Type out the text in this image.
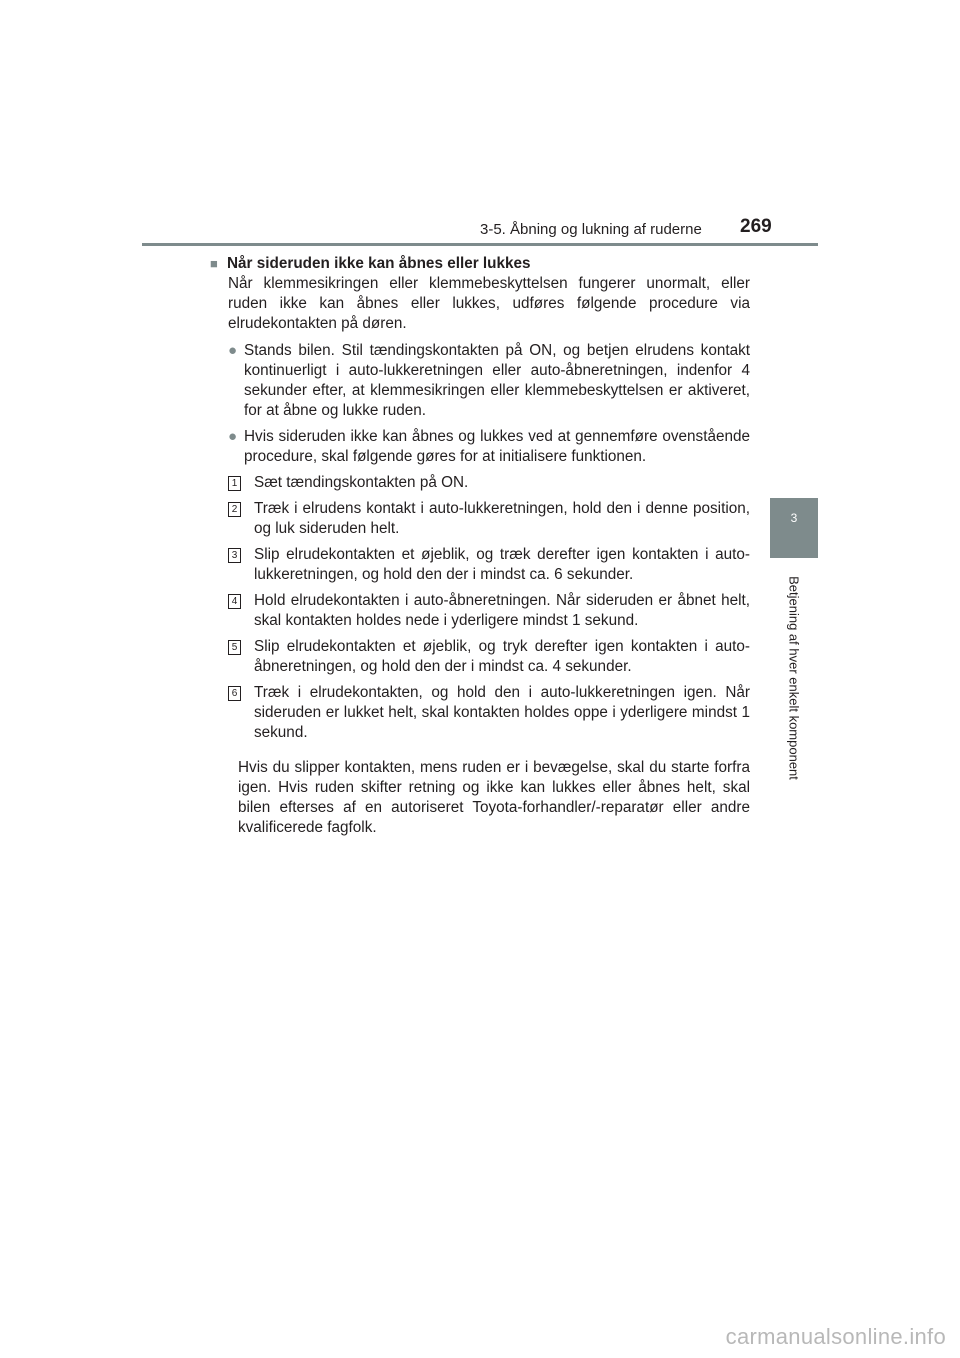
3-5. Åbning og lukning af ruderne 269
3
Betjening af hver enkelt komponent
■ Når sideruden ikke kan åbnes eller lukkes

Når klemmesikringen eller klemmebeskyttelsen fungerer unormalt, eller ruden ikke kan åbnes eller lukkes, udføres følgende procedure via elrudekontakten på døren.

● Stands bilen. Stil tændingskontakten på ON, og betjen elrudens kontakt kontinuerligt i auto-lukkeretningen eller auto-åbneretningen, indenfor 4 sekunder efter, at klemmesikringen eller klemmebeskyttelsen er aktiveret, for at åbne og lukke ruden.
● Hvis sideruden ikke kan åbnes og lukkes ved at gennemføre ovenstående procedure, skal følgende gøres for at initialisere funktionen.
1 Sæt tændingskontakten på ON.
2 Træk i elrudens kontakt i auto-lukkeretningen, hold den i denne position, og luk sideruden helt.
3 Slip elrudekontakten et øjeblik, og træk derefter igen kontakten i auto-lukkeretningen, og hold den der i mindst ca. 6 sekunder.
4 Hold elrudekontakten i auto-åbneretningen. Når sideruden er åbnet helt, skal kontakten holdes nede i yderligere mindst 1 sekund.
5 Slip elrudekontakten et øjeblik, og tryk derefter igen kontakten i auto-åbneretningen, og hold den der i mindst ca. 4 sekunder.
6 Træk i elrudekontakten, og hold den i auto-lukkeretningen igen. Når sideruden er lukket helt, skal kontakten holdes oppe i yderligere mindst 1 sekund.

Hvis du slipper kontakten, mens ruden er i bevægelse, skal du starte forfra igen. Hvis ruden skifter retning og ikke kan lukkes eller åbnes helt, skal bilen efterses af en autoriseret Toyota-forhandler/-reparatør eller andre kvalificerede fagfolk.

carmanualsonline.info
